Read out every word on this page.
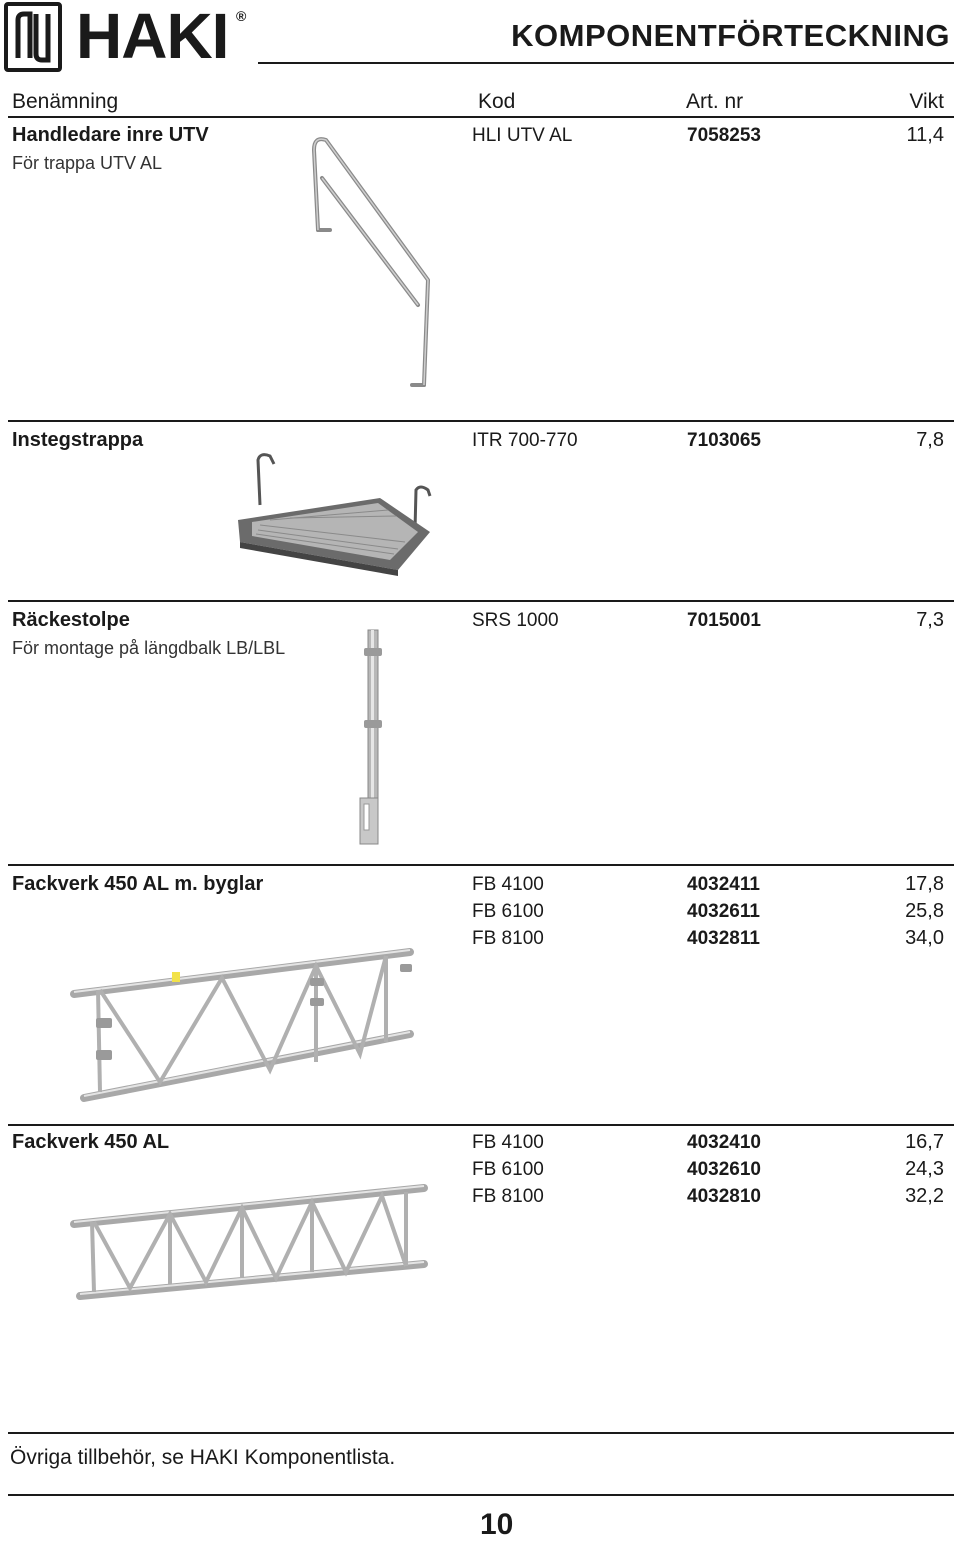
HAKI ®
KOMPONENTFÖRTECKNING
Benämning	Kod	Art. nr	Vikt
Handledare inre UTV
För trappa UTV AL
HLI UTV AL	7058253	11,4
Instegstrappa	ITR 700-770	7103065	7,8
Räckestolpe
För montage på längdbalk LB/LBL
SRS 1000	7015001	7,3
Fackverk 450 AL m. byglar	FB 4100	4032411	17,8
FB 6100	4032611	25,8
FB 8100	4032811	34,0
Fackverk 450 AL	FB 4100	4032410	16,7
FB 6100	4032610	24,3
FB 8100	4032810	32,2
Övriga tillbehör, se HAKI Komponentlista.
10
